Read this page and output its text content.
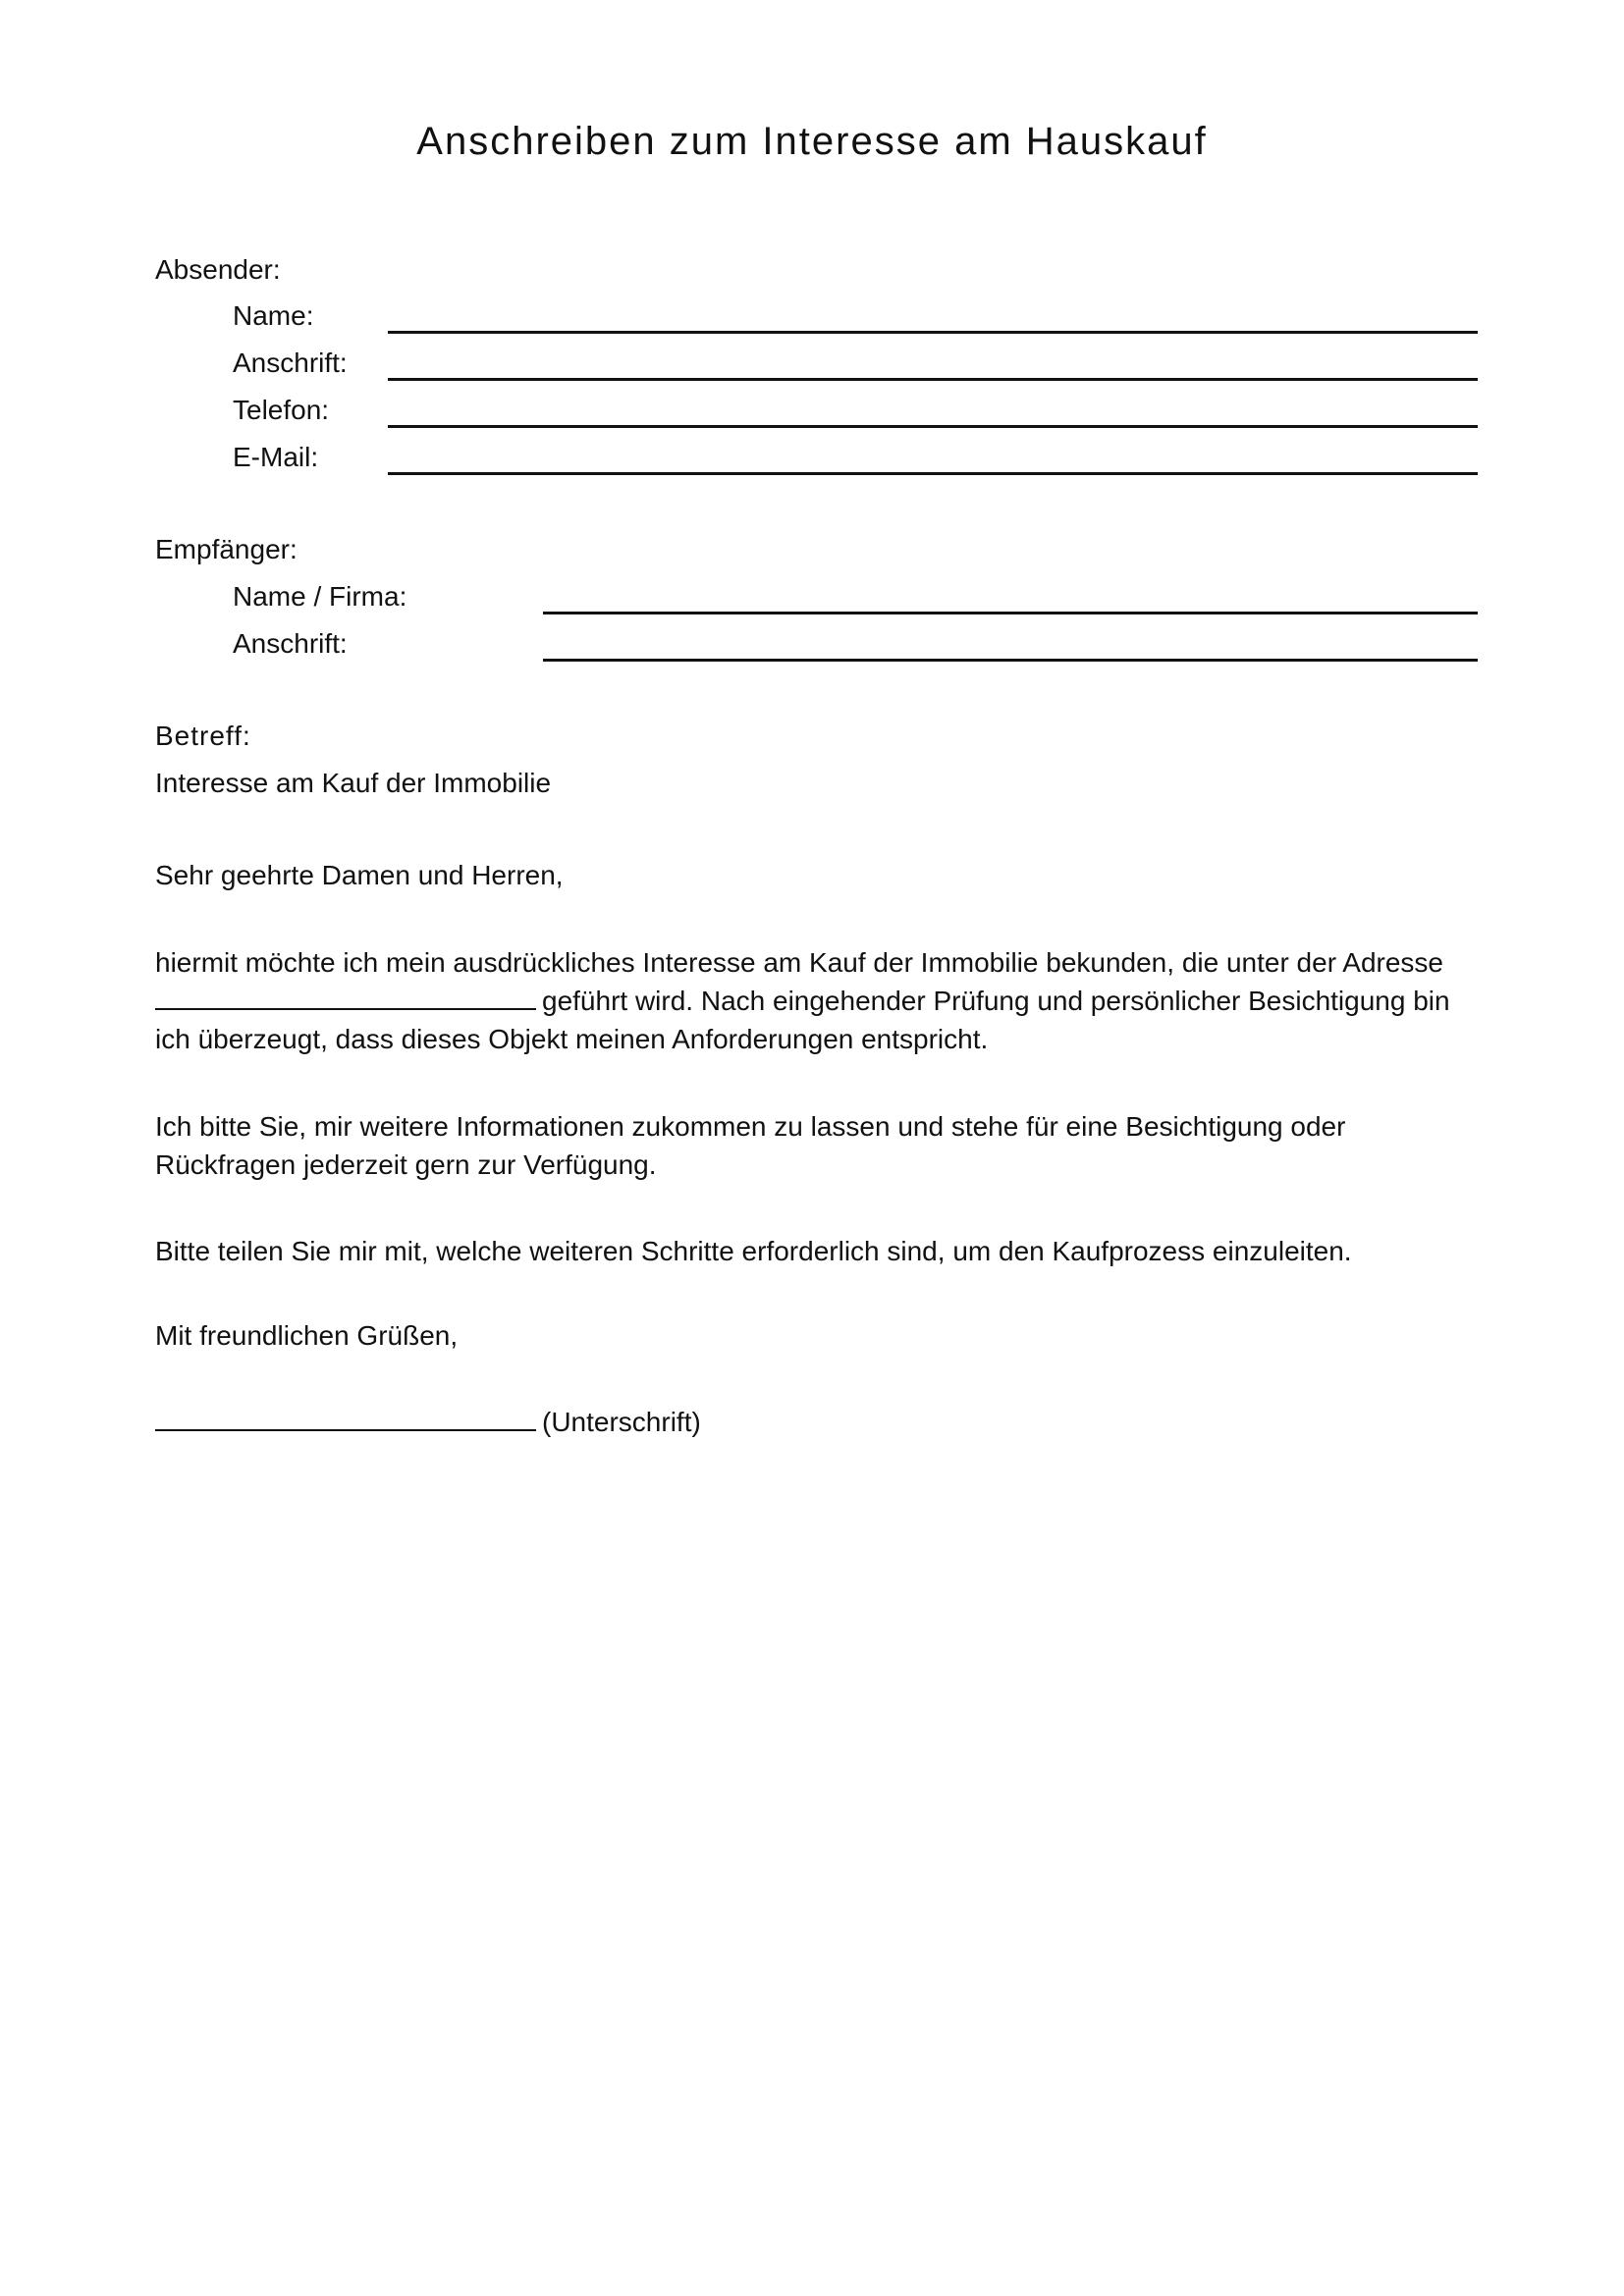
Anschreiben zum Interesse am Hauskauf
Absender:
Name:
Anschrift:
Telefon:
E-Mail:
Empfänger:
Name / Firma:
Anschrift:
Betreff:
Interesse am Kauf der Immobilie
Sehr geehrte Damen und Herren,
hiermit möchte ich mein ausdrückliches Interesse am Kauf der Immobilie bekunden, die unter der Adresse geführt wird. Nach eingehender Prüfung und persönlicher Besichtigung bin ich überzeugt, dass dieses Objekt meinen Anforderungen entspricht.
Ich bitte Sie, mir weitere Informationen zukommen zu lassen und stehe für eine Besichtigung oder Rückfragen jederzeit gern zur Verfügung.
Bitte teilen Sie mir mit, welche weiteren Schritte erforderlich sind, um den Kaufprozess einzuleiten.
Mit freundlichen Grüßen,
(Unterschrift)
